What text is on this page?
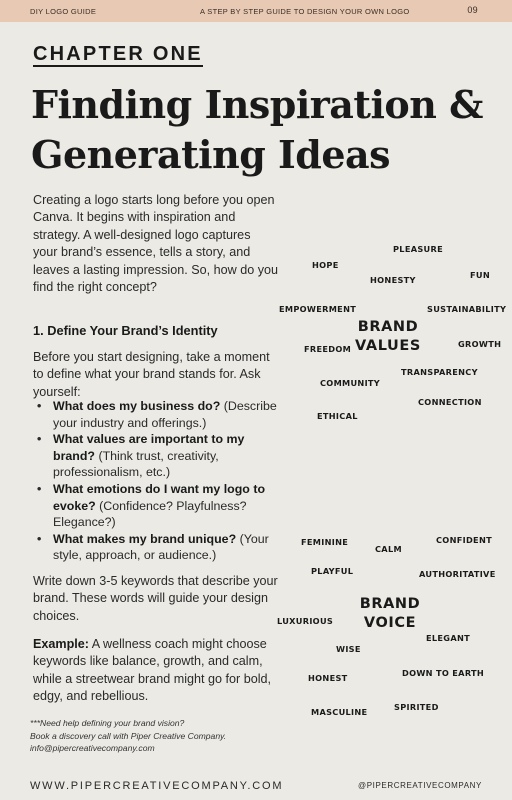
DIY LOGO GUIDE	A STEP BY STEP GUIDE TO DESIGN YOUR OWN LOGO	09
CHAPTER ONE
Finding Inspiration &
Generating Ideas
Creating a logo starts long before you open Canva. It begins with inspiration and strategy. A well-designed logo captures your brand’s essence, tells a story, and leaves a lasting impression. So, how do you find the right concept?
1. Define Your Brand’s Identity
Before you start designing, take a moment to define what your brand stands for. Ask yourself:
• What does my business do? (Describe your industry and offerings.)
• What values are important to my brand? (Think trust, creativity, professionalism, etc.)
• What emotions do I want my logo to evoke? (Confidence? Playfulness? Elegance?)
• What makes my brand unique? (Your style, approach, or audience.)
Write down 3-5 keywords that describe your brand. These words will guide your design choices.
Example: A wellness coach might choose keywords like balance, growth, and calm, while a streetwear brand might go for bold, edgy, and rebellious.
***Need help defining your brand vision?
Book a discovery call with Piper Creative Company.
info@pipercreativecompany.com
WWW.PIPERCREATIVECOMPANY.COM	@PIPERCREATIVECOMPANY
BRAND
VALUES
PLEASURE
HOPE
HONESTY	FUN
EMPOWERMENT	SUSTAINABILITY
FREEDOM	GROWTH
TRANSPARENCY
COMMUNITY
CONNECTION
ETHICAL
BRAND
VOICE
FEMININE
CALM
CONFIDENT
PLAYFUL	AUTHORITATIVE
LUXURIOUS
ELEGANT
WISE
HONEST	DOWN TO EARTH
MASCULINE	SPIRITED
